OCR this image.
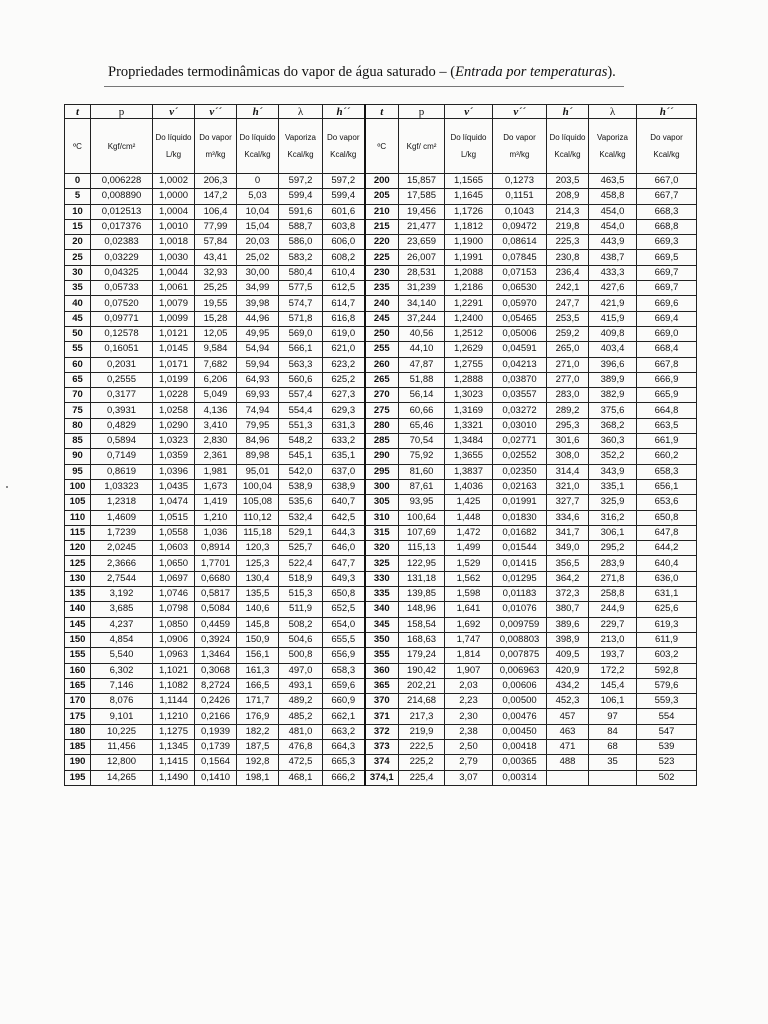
Propriedades termodinâmicas do vapor de água saturado – (Entrada por temperaturas).
t	p	v´	v´´	h´	λ	h´´	t	p	v´	v´´	h´	λ	h´´
ºC	Kgf/cm²	Do líquido L/kg	Do vapor m³/kg	Do líquido Kcal/kg	Vaporiza Kcal/kg	Do vapor Kcal/kg	ºC	Kgf/ cm²	Do líquido L/kg	Do vapor m³/kg	Do líquido Kcal/kg	Vaporiza Kcal/kg	Do vapor Kcal/kg
0	0,006228	1,0002	206,3	0	597,2	597,2	200	15,857	1,1565	0,1273	203,5	463,5	667,0
5	0,008890	1,0000	147,2	5,03	599,4	599,4	205	17,585	1,1645	0,1151	208,9	458,8	667,7
10	0,012513	1,0004	106,4	10,04	591,6	601,6	210	19,456	1,1726	0,1043	214,3	454,0	668,3
15	0,017376	1,0010	77,99	15,04	588,7	603,8	215	21,477	1,1812	0,09472	219,8	454,0	668,8
20	0,02383	1,0018	57,84	20,03	586,0	606,0	220	23,659	1,1900	0,08614	225,3	443,9	669,3
25	0,03229	1,0030	43,41	25,02	583,2	608,2	225	26,007	1,1991	0,07845	230,8	438,7	669,5
30	0,04325	1,0044	32,93	30,00	580,4	610,4	230	28,531	1,2088	0,07153	236,4	433,3	669,7
35	0,05733	1,0061	25,25	34,99	577,5	612,5	235	31,239	1,2186	0,06530	242,1	427,6	669,7
40	0,07520	1,0079	19,55	39,98	574,7	614,7	240	34,140	1,2291	0,05970	247,7	421,9	669,6
45	0,09771	1,0099	15,28	44,96	571,8	616,8	245	37,244	1,2400	0,05465	253,5	415,9	669,4
50	0,12578	1,0121	12,05	49,95	569,0	619,0	250	40,56	1,2512	0,05006	259,2	409,8	669,0
55	0,16051	1,0145	9,584	54,94	566,1	621,0	255	44,10	1,2629	0,04591	265,0	403,4	668,4
60	0,2031	1,0171	7,682	59,94	563,3	623,2	260	47,87	1,2755	0,04213	271,0	396,6	667,8
65	0,2555	1,0199	6,206	64,93	560,6	625,2	265	51,88	1,2888	0,03870	277,0	389,9	666,9
70	0,3177	1,0228	5,049	69,93	557,4	627,3	270	56,14	1,3023	0,03557	283,0	382,9	665,9
75	0,3931	1,0258	4,136	74,94	554,4	629,3	275	60,66	1,3169	0,03272	289,2	375,6	664,8
80	0,4829	1,0290	3,410	79,95	551,3	631,3	280	65,46	1,3321	0,03010	295,3	368,2	663,5
85	0,5894	1,0323	2,830	84,96	548,2	633,2	285	70,54	1,3484	0,02771	301,6	360,3	661,9
90	0,7149	1,0359	2,361	89,98	545,1	635,1	290	75,92	1,3655	0,02552	308,0	352,2	660,2
95	0,8619	1,0396	1,981	95,01	542,0	637,0	295	81,60	1,3837	0,02350	314,4	343,9	658,3
100	1,03323	1,0435	1,673	100,04	538,9	638,9	300	87,61	1,4036	0,02163	321,0	335,1	656,1
105	1,2318	1,0474	1,419	105,08	535,6	640,7	305	93,95	1,425	0,01991	327,7	325,9	653,6
110	1,4609	1,0515	1,210	110,12	532,4	642,5	310	100,64	1,448	0,01830	334,6	316,2	650,8
115	1,7239	1,0558	1,036	115,18	529,1	644,3	315	107,69	1,472	0,01682	341,7	306,1	647,8
120	2,0245	1,0603	0,8914	120,3	525,7	646,0	320	115,13	1,499	0,01544	349,0	295,2	644,2
125	2,3666	1,0650	1,7701	125,3	522,4	647,7	325	122,95	1,529	0,01415	356,5	283,9	640,4
130	2,7544	1,0697	0,6680	130,4	518,9	649,3	330	131,18	1,562	0,01295	364,2	271,8	636,0
135	3,192	1,0746	0,5817	135,5	515,3	650,8	335	139,85	1,598	0,01183	372,3	258,8	631,1
140	3,685	1,0798	0,5084	140,6	511,9	652,5	340	148,96	1,641	0,01076	380,7	244,9	625,6
145	4,237	1,0850	0,4459	145,8	508,2	654,0	345	158,54	1,692	0,009759	389,6	229,7	619,3
150	4,854	1,0906	0,3924	150,9	504,6	655,5	350	168,63	1,747	0,008803	398,9	213,0	611,9
155	5,540	1,0963	1,3464	156,1	500,8	656,9	355	179,24	1,814	0,007875	409,5	193,7	603,2
160	6,302	1,1021	0,3068	161,3	497,0	658,3	360	190,42	1,907	0,006963	420,9	172,2	592,8
165	7,146	1,1082	8,2724	166,5	493,1	659,6	365	202,21	2,03	0,00606	434,2	145,4	579,6
170	8,076	1,1144	0,2426	171,7	489,2	660,9	370	214,68	2,23	0,00500	452,3	106,1	559,3
175	9,101	1,1210	0,2166	176,9	485,2	662,1	371	217,3	2,30	0,00476	457	97	554
180	10,225	1,1275	0,1939	182,2	481,0	663,2	372	219,9	2,38	0,00450	463	84	547
185	11,456	1,1345	0,1739	187,5	476,8	664,3	373	222,5	2,50	0,00418	471	68	539
190	12,800	1,1415	0,1564	192,8	472,5	665,3	374	225,2	2,79	0,00365	488	35	523
195	14,265	1,1490	0,1410	198,1	468,1	666,2	374,1	225,4	3,07	0,00314			502
